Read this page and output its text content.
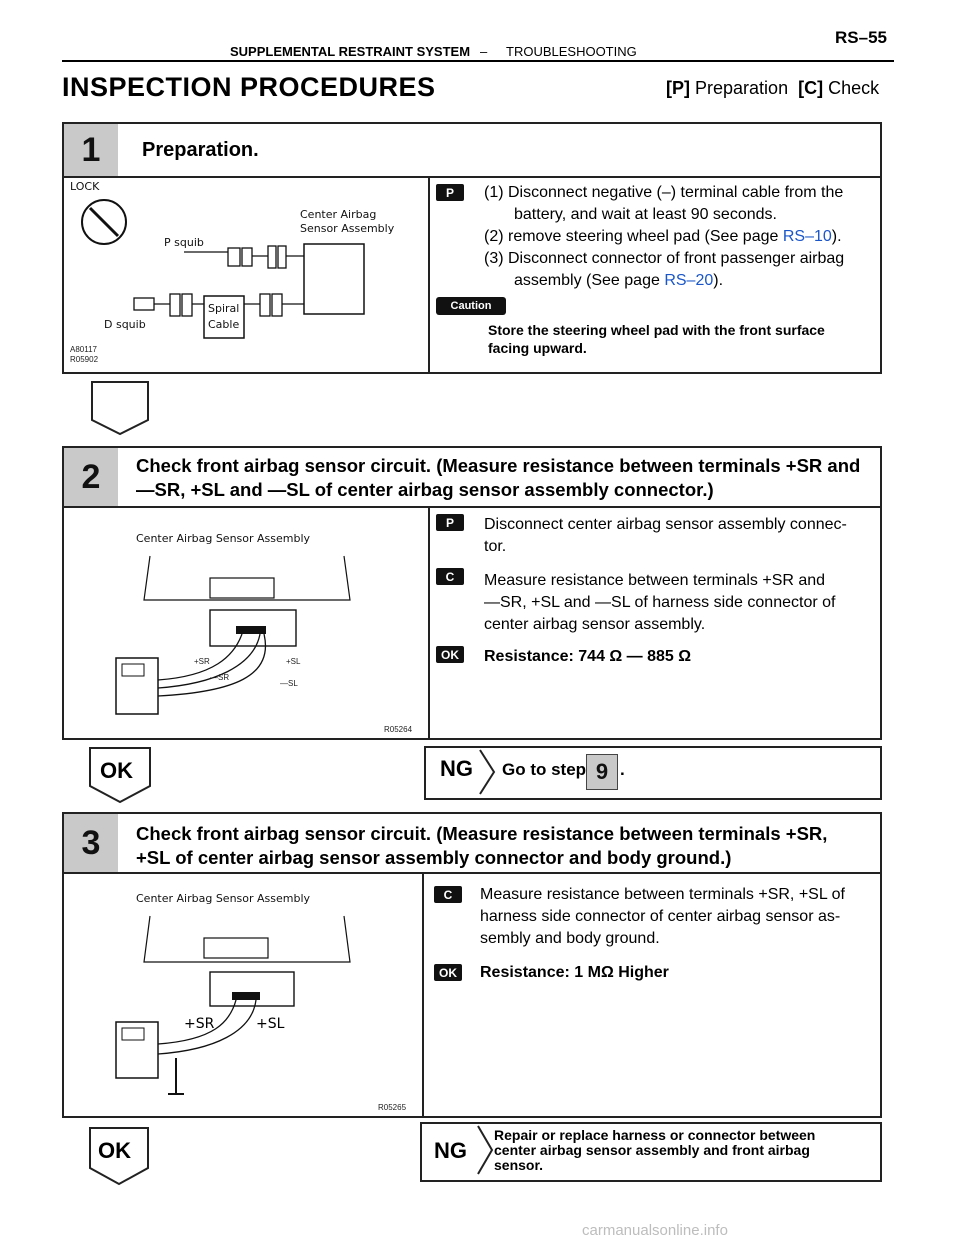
SUPPLEMENTAL RESTRAINT SYSTEM – TROUBLESHOOTING
RS–55
INSPECTION PROCEDURES	[P] Preparation [C] Check
1	Preparation.
LOCK
P squib
D squib
Center Airbag
Sensor Assembly
Spiral
Cable
A80117
R05902
P	(1) Disconnect negative (–) terminal cable from the
battery, and wait at least 90 seconds.
(2) remove steering wheel pad (See page RS–10).
(3) Disconnect connector of front passenger airbag
assembly (See page RS–20).
Caution
Store the steering wheel pad with the front surface
facing upward.
2	Check front airbag sensor circuit. (Measure resistance between terminals +SR and
—SR, +SL and —SL of center airbag sensor assembly connector.)
Center Airbag Sensor Assembly
+SR
—SR
+SL
—SL
R05264
P	Disconnect center airbag sensor assembly connec-
tor.
C	Measure resistance between terminals +SR and
—SR, +SL and —SL of harness side connector of
center airbag sensor assembly.
OK	Resistance: 744 Ω — 885 Ω
OK	NG Go to step 9 .
3	Check front airbag sensor circuit. (Measure resistance between terminals +SR,
+SL of center airbag sensor assembly connector and body ground.)
Center Airbag Sensor Assembly
+SR	+SL
R05265
C	Measure resistance between terminals +SR, +SL of
harness side connector of center airbag sensor as-
sembly and body ground.
OK	Resistance: 1 MΩ Higher
OK	NG
Repair or replace harness or connector between
center airbag sensor assembly and front airbag
sensor.
carmanualsonline.info
